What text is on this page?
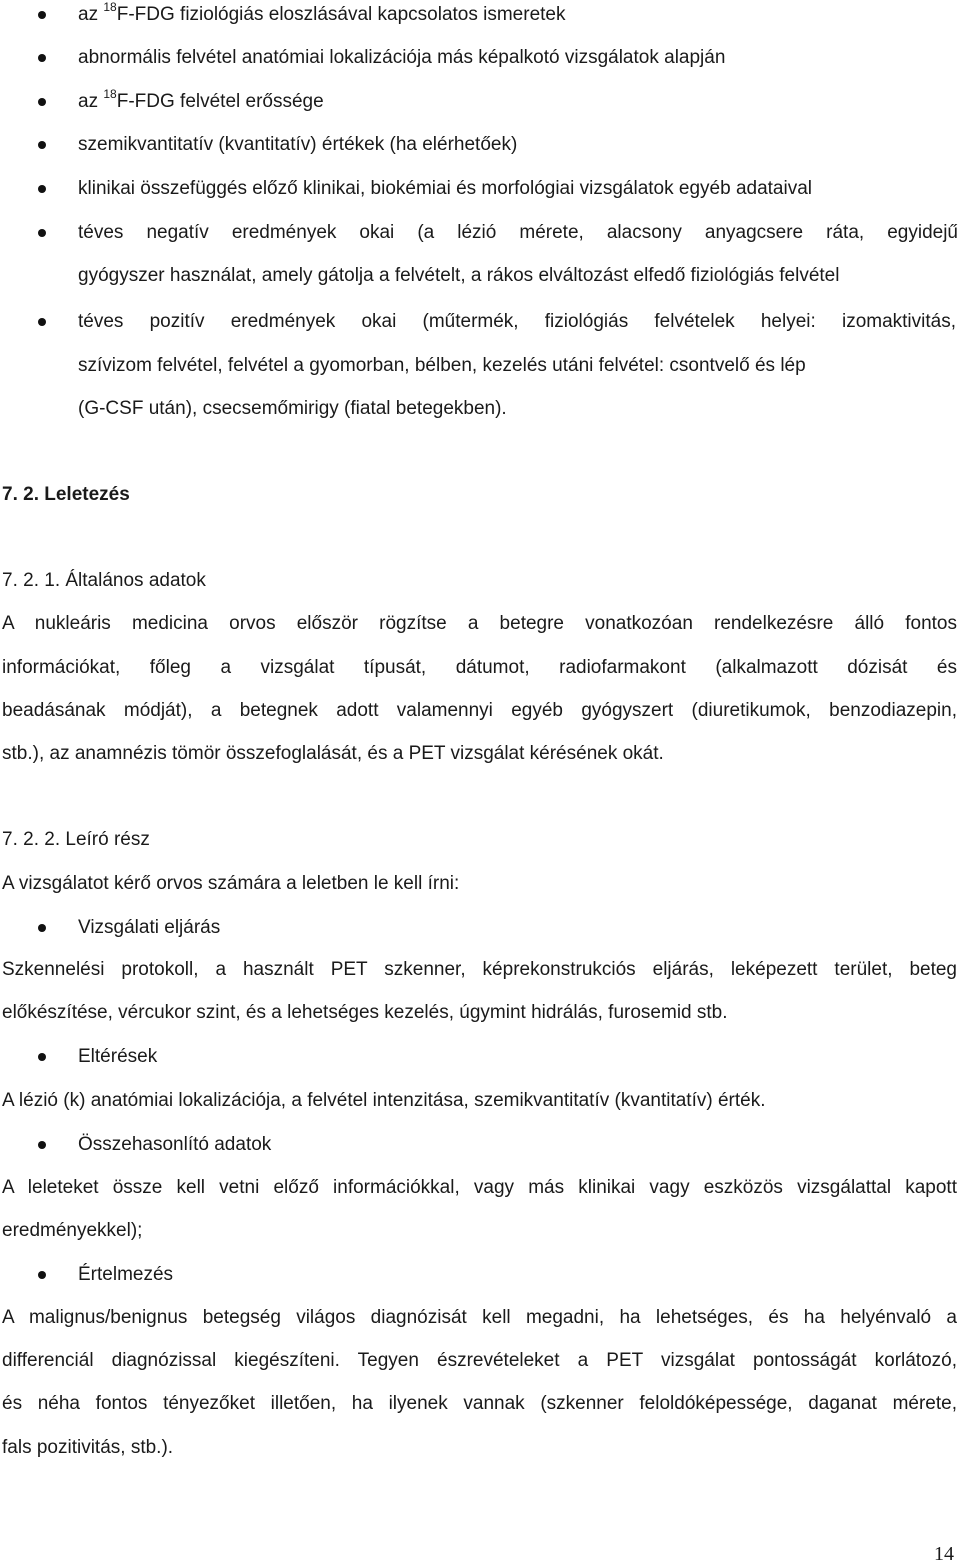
az $^{18}$F-FDG fiziológiás eloszlásával kapcsolatos ismeretek
abnormális felvétel anatómiai lokalizációja más képalkotó vizsgálatok alapján
az $^{18}$F-FDG felvétel erőssége
szemikvantitatív (kvantitatív) értékek (ha elérhetőek)
klinikai összefüggés előző klinikai, biokémiai és morfológiai vizsgálatok egyéb adataival
téves negatív eredmények okai (a lézió mérete, alacsony anyagcsere ráta, egyidejű
gyógyszer használat, amely gátolja a felvételt, a rákos elváltozást elfedő fiziológiás felvétel
téves pozitív eredmények okai (műtermék, fiziológiás felvételek helyei: izomaktivitás,
szívizom felvétel, felvétel a gyomorban, bélben, kezelés utáni felvétel: csontvelő és lép
(G-CSF után), csecsemőmirigy (fiatal betegekben).
7. 2. Leletezés
7. 2. 1. Általános adatok
A nukleáris medicina orvos először rögzítse a betegre vonatkozóan rendelkezésre álló fontos
információkat, főleg a vizsgálat típusát, dátumot, radiofarmakont (alkalmazott dózisát és
beadásának módját), a betegnek adott valamennyi egyéb gyógyszert (diuretikumok, benzodiazepin,
stb.), az anamnézis tömör összefoglalását, és a PET vizsgálat kérésének okát.
7. 2. 2. Leíró rész
A vizsgálatot kérő orvos számára a leletben le kell írni:
Vizsgálati eljárás
Szkennelési protokoll, a használt PET szkenner, képrekonstrukciós eljárás, leképezett terület, beteg
előkészítése, vércukor szint, és a lehetséges kezelés, úgymint hidrálás, furosemid stb.
Eltérések
A lézió (k) anatómiai lokalizációja, a felvétel intenzitása, szemikvantitatív (kvantitatív) érték.
Összehasonlító adatok
A leleteket össze kell vetni előző információkkal, vagy más klinikai vagy eszközös vizsgálattal kapott
eredményekkel);
Értelmezés
A malignus/benignus betegség világos diagnózisát kell megadni, ha lehetséges, és ha helyénvaló a
differenciál diagnózissal kiegészíteni. Tegyen észrevételeket a PET vizsgálat pontosságát korlátozó,
és néha fontos tényezőket illetően, ha ilyenek vannak (szkenner feloldóképessége, daganat mérete,
fals pozitivitás, stb.).
14
